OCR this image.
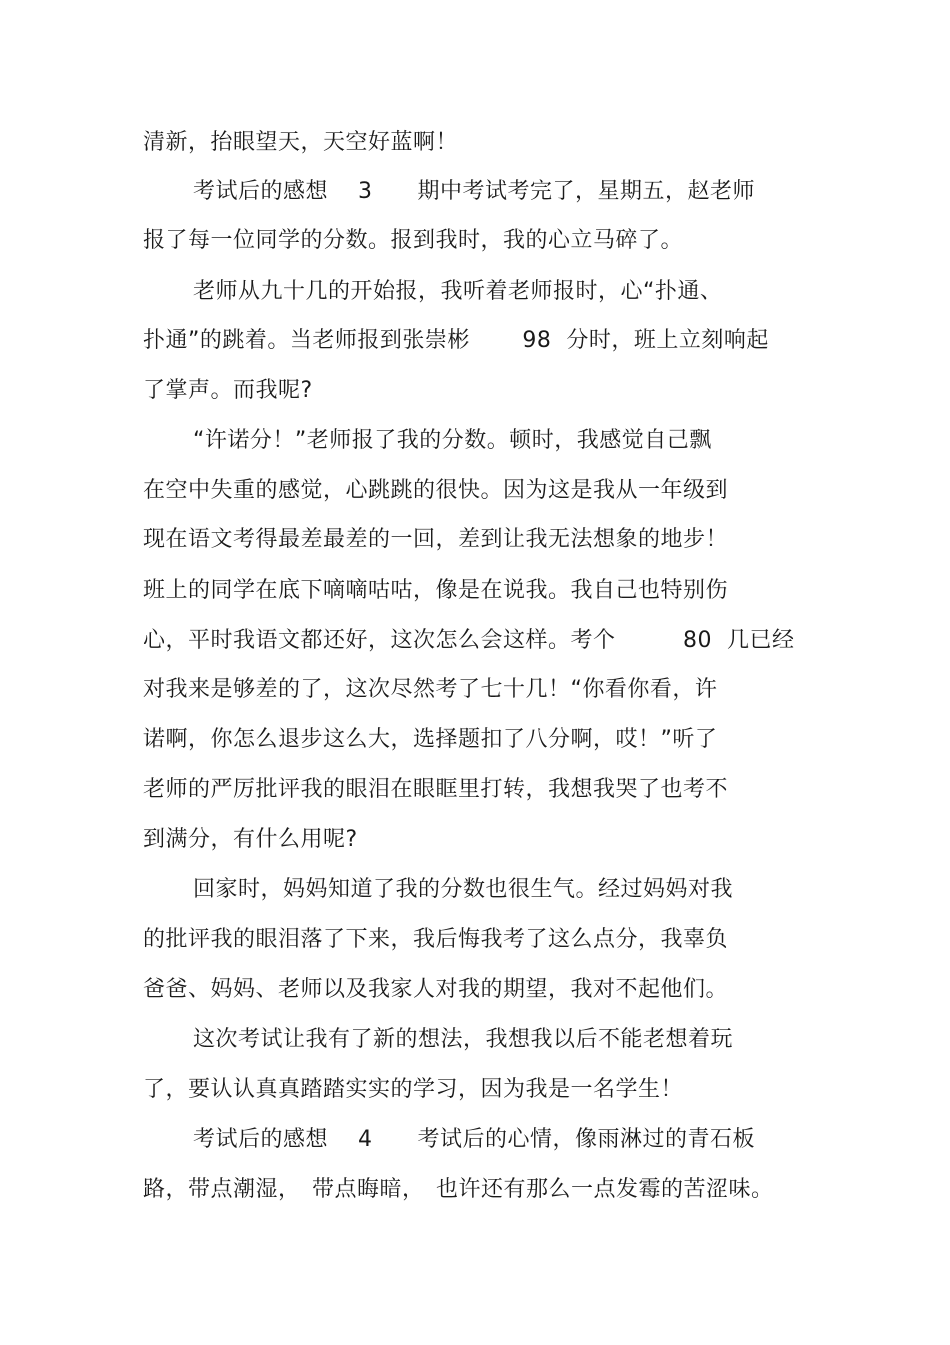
清新，抬眼望天，天空好蓝啊！
考试后的感想　 3　　期中考试考完了，星期五，赵老师
报了每一位同学的分数。报到我时，我的心立马碎了。
老师从九十几的开始报，我听着老师报时，心“扑通、
扑通”的跳着。当老师报到张崇彬　　 98  分时，班上立刻响起
了掌声。而我呢?
“许诺分！”老师报了我的分数。顿时，我感觉自己飘
在空中失重的感觉，心跳跳的很快。因为这是我从一年级到
现在语文考得最差最差的一回，差到让我无法想象的地步！
班上的同学在底下嘀嘀咕咕，像是在说我。我自己也特别伤
心，平时我语文都还好，这次怎么会这样。考个　　　80  几已经
对我来是够差的了，这次尽然考了七十几！“你看你看，许
诺啊，你怎么退步这么大，选择题扣了八分啊，哎！”听了
老师的严厉批评我的眼泪在眼眶里打转，我想我哭了也考不
到满分，有什么用呢?
回家时，妈妈知道了我的分数也很生气。经过妈妈对我
的批评我的眼泪落了下来，我后悔我考了这么点分，我辜负
爸爸、妈妈、老师以及我家人对我的期望，我对不起他们。
这次考试让我有了新的想法，我想我以后不能老想着玩
了，要认认真真踏踏实实的学习，因为我是一名学生！
考试后的感想　 4　　考试后的心情，像雨淋过的青石板
路，带点潮湿，　带点晦暗，　也许还有那么一点发霉的苦涩味。
